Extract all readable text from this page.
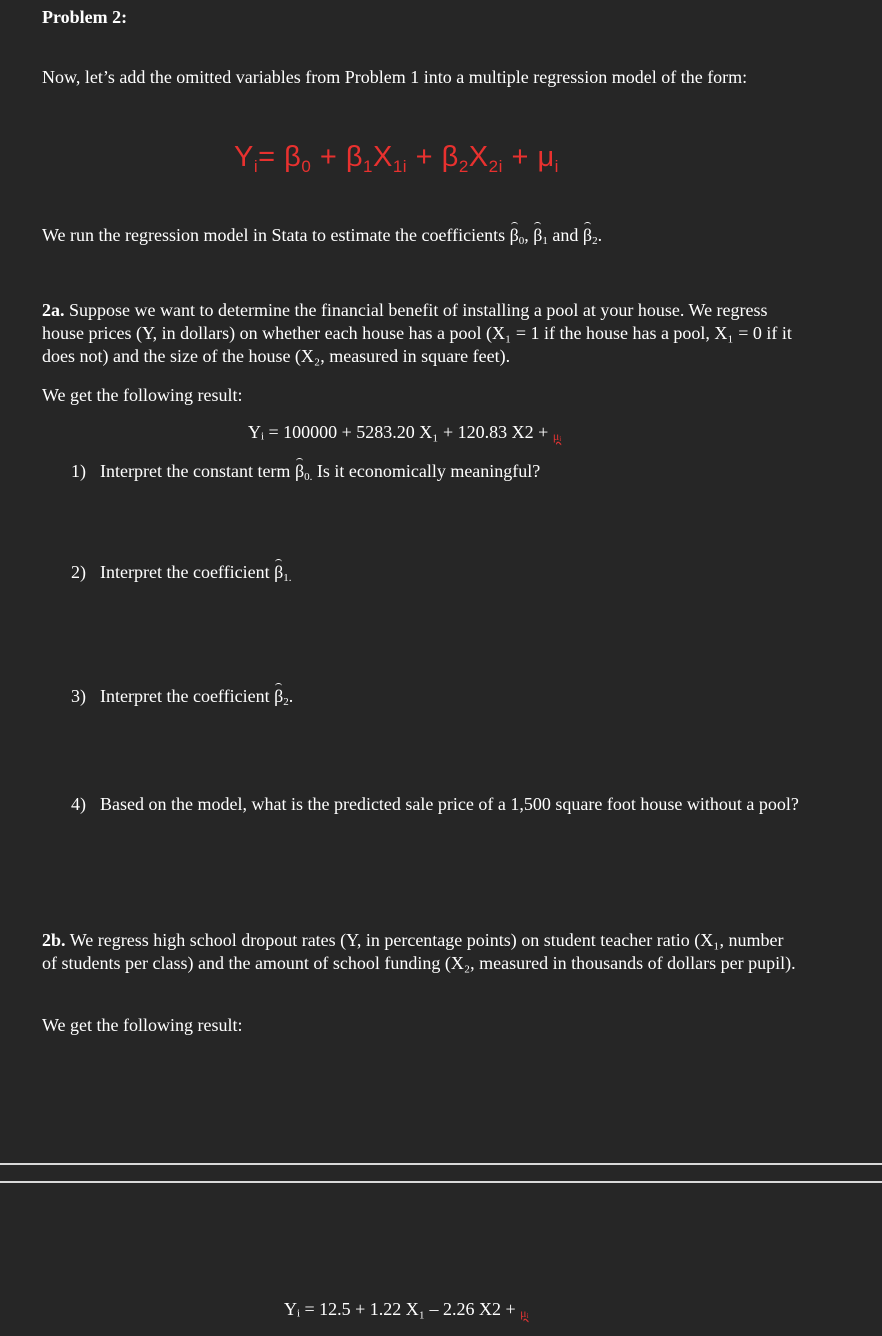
Problem 2:
Now, let’s add the omitted variables from Problem 1 into a multiple regression model of the form:
$Y_i= \beta_0 + \beta_1X_{1i} + \beta_2X_{2i} + \mu_i$
We run the regression model in Stata to estimate the coefficients $\beta_0$, $\beta_1$ and $\beta_2$.
2a. Suppose we want to determine the financial benefit of installing a pool at your house. We regress house prices (Y, in dollars) on whether each house has a pool (X₁ = 1 if the house has a pool, X₁ = 0 if it does not) and the size of the house (X₂, measured in square feet).
We get the following result:
Yᵢ = 100000 + 5283.20 X₁ + 120.83 X2 + μᵢ
1) Interpret the constant term $\beta_{0.}$ Is it economically meaningful?
2) Interpret the coefficient $\beta_{1.}$
3) Interpret the coefficient $\beta_2$.
4) Based on the model, what is the predicted sale price of a 1,500 square foot house without a pool?
2b. We regress high school dropout rates (Y, in percentage points) on student teacher ratio (X₁, number of students per class) and the amount of school funding (X₂, measured in thousands of dollars per pupil).
We get the following result:
Yᵢ = 12.5 + 1.22 X₁ – 2.26 X2 + μᵢ
